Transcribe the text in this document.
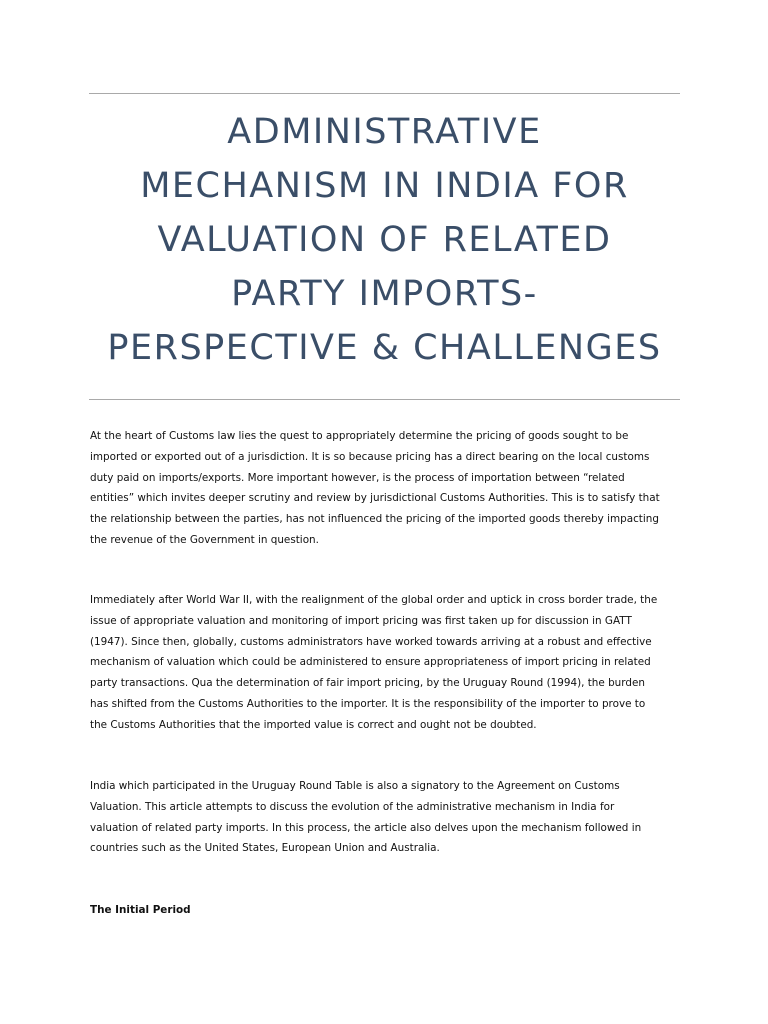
ADMINISTRATIVE
MECHANISM IN INDIA FOR
VALUATION OF RELATED
PARTY IMPORTS-
PERSPECTIVE & CHALLENGES

At the heart of Customs law lies the quest to appropriately determine the pricing of goods sought to be
imported or exported out of a jurisdiction. It is so because pricing has a direct bearing on the local customs
duty paid on imports/exports. More important however, is the process of importation between “related
entities” which invites deeper scrutiny and review by jurisdictional Customs Authorities. This is to satisfy that
the relationship between the parties, has not influenced the pricing of the imported goods thereby impacting
the revenue of the Government in question.

Immediately after World War II, with the realignment of the global order and uptick in cross border trade, the
issue of appropriate valuation and monitoring of import pricing was first taken up for discussion in GATT
(1947). Since then, globally, customs administrators have worked towards arriving at a robust and effective
mechanism of valuation which could be administered to ensure appropriateness of import pricing in related
party transactions. Qua the determination of fair import pricing, by the Uruguay Round (1994), the burden
has shifted from the Customs Authorities to the importer. It is the responsibility of the importer to prove to
the Customs Authorities that the imported value is correct and ought not be doubted.

India which participated in the Uruguay Round Table is also a signatory to the Agreement on Customs
Valuation. This article attempts to discuss the evolution of the administrative mechanism in India for
valuation of related party imports. In this process, the article also delves upon the mechanism followed in
countries such as the United States, European Union and Australia.

The Initial Period
